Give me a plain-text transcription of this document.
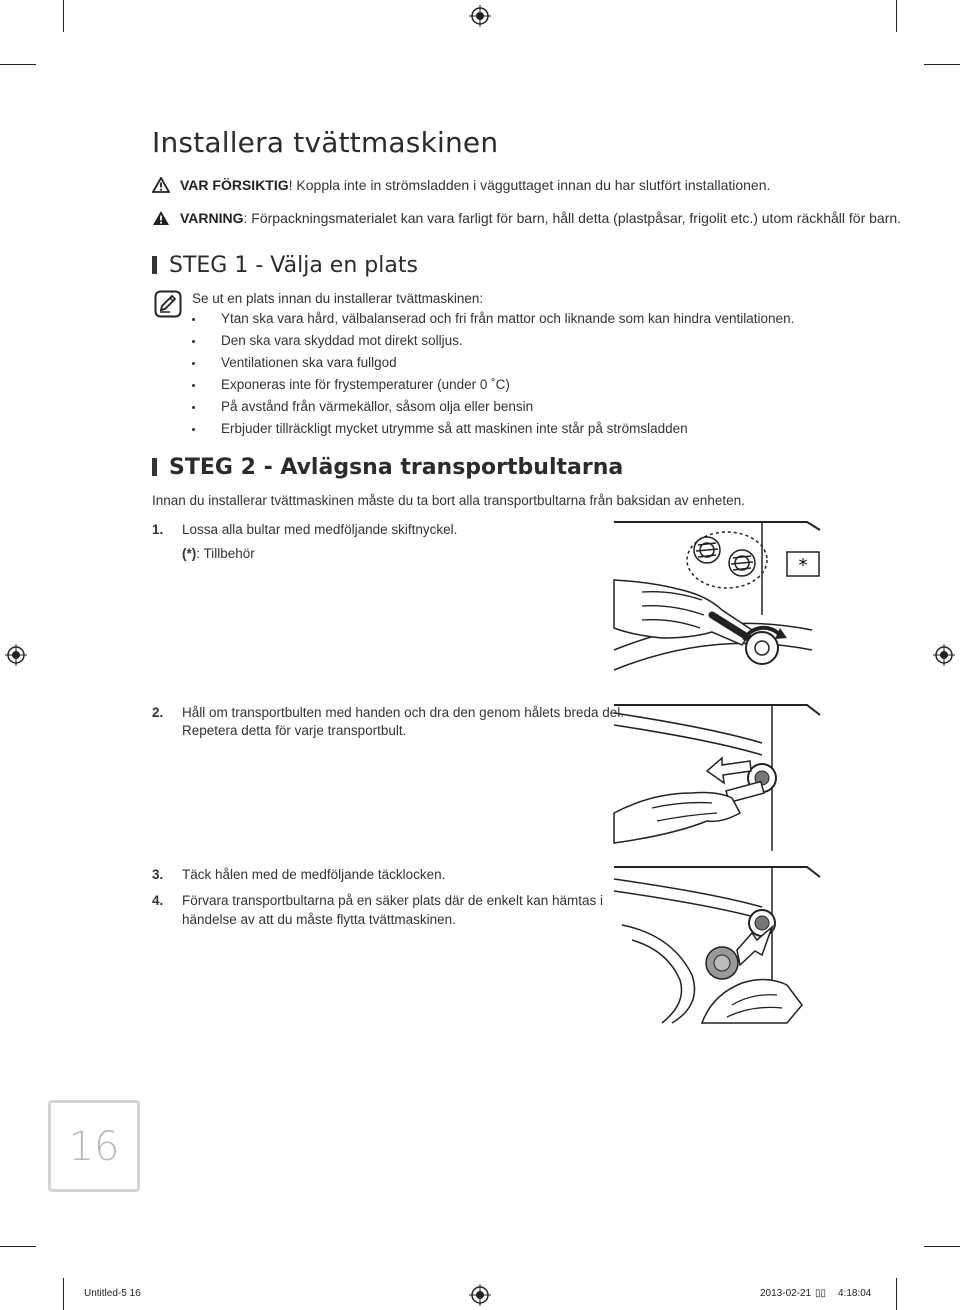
Installera tvättmaskinen
VAR FÖRSIKTIG! Koppla inte in strömsladden i vägguttaget innan du har slutfört installationen.
VARNING: Förpackningsmaterialet kan vara farligt för barn, håll detta (plastpåsar, frigolit etc.) utom räckhåll för barn.
STEG 1 - Välja en plats
Se ut en plats innan du installerar tvättmaskinen:
Ytan ska vara hård, välbalanserad och fri från mattor och liknande som kan hindra ventilationen.
Den ska vara skyddad mot direkt solljus.
Ventilationen ska vara fullgod
Exponeras inte för frystemperaturer (under 0 ˚C)
På avstånd från värmekällor, såsom olja eller bensin
Erbjuder tillräckligt mycket utrymme så att maskinen inte står på strömsladden
STEG 2 - Avlägsna transportbultarna
Innan du installerar tvättmaskinen måste du ta bort alla transportbultarna från baksidan av enheten.
1. Lossa alla bultar med medföljande skiftnyckel.
(*): Tillbehör
2. Håll om transportbulten med handen och dra den genom hålets breda del.
Repetera detta för varje transportbult.
3. Täck hålen med de medföljande täcklocken.
4. Förvara transportbultarna på en säker plats där de enkelt kan hämtas i
händelse av att du måste flytta tvättmaskinen.
*
16
Untitled-5 16	2013-02-21 ▯▯ 4:18:04
